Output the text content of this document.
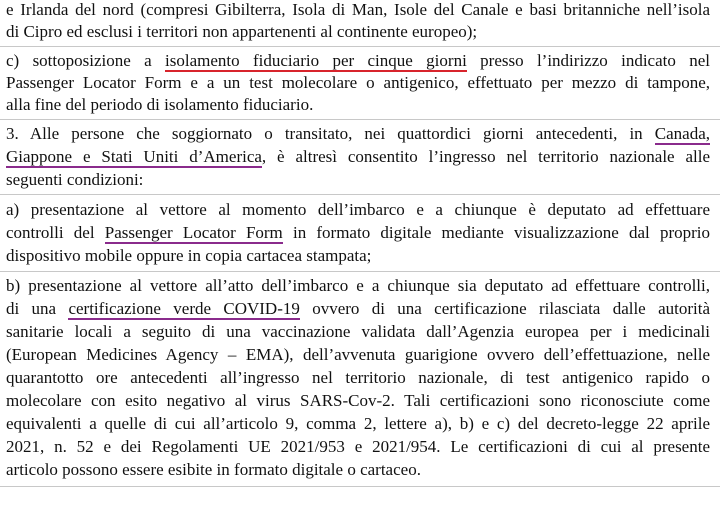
e Irlanda del nord (compresi Gibilterra, Isola di Man, Isole del Canale e basi britanniche nell’isola
di Cipro ed esclusi i territori non appartenenti al continente europeo);
c) sottoposizione a isolamento fiduciario per cinque giorni presso l’indirizzo indicato nel
Passenger Locator Form e a un test molecolare o antigenico, effettuato per mezzo di tampone,
alla fine del periodo di isolamento fiduciario.
3. Alle persone che soggiornato o transitato, nei quattordici giorni antecedenti, in Canada,
Giappone e Stati Uniti d’America, è altresì consentito l’ingresso nel territorio nazionale alle
seguenti condizioni:
a) presentazione al vettore al momento dell’imbarco e a chiunque è deputato ad effettuare
controlli del Passenger Locator Form in formato digitale mediante visualizzazione dal proprio
dispositivo mobile oppure in copia cartacea stampata;
b) presentazione al vettore all’atto dell’imbarco e a chiunque sia deputato ad effettuare controlli,
di una certificazione verde COVID-19 ovvero di una certificazione rilasciata dalle autorità
sanitarie locali a seguito di una vaccinazione validata dall’Agenzia europea per i medicinali
(European Medicines Agency – EMA), dell’avvenuta guarigione ovvero dell’effettuazione, nelle
quarantotto ore antecedenti all’ingresso nel territorio nazionale, di test antigenico rapido o
molecolare con esito negativo al virus SARS-Cov-2. Tali certificazioni sono riconosciute come
equivalenti a quelle di cui all’articolo 9, comma 2, lettere a), b) e c) del decreto-legge 22 aprile
2021, n. 52 e dei Regolamenti UE 2021/953 e 2021/954. Le certificazioni di cui al presente
articolo possono essere esibite in formato digitale o cartaceo.
